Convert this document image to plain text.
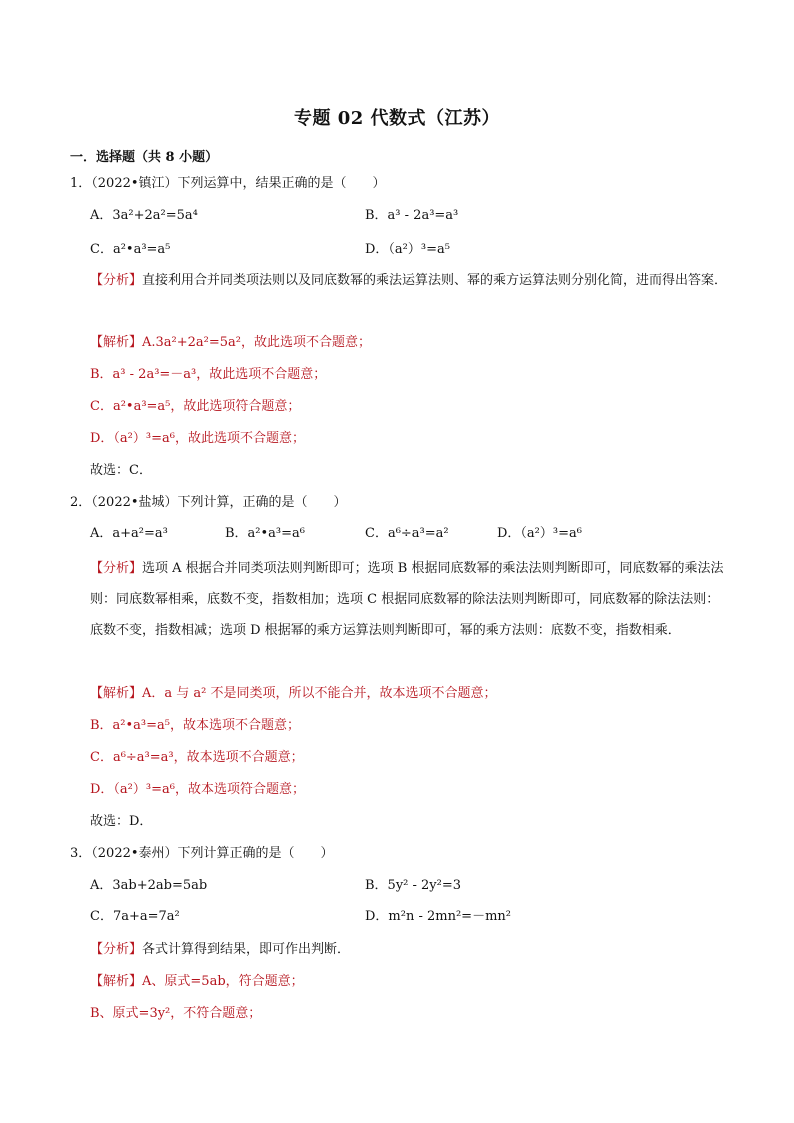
专题 02 代数式（江苏）
一．选择题（共 8 小题）
1．（2022•镇江）下列运算中，结果正确的是（　　）
A．3a²+2a²=5a⁴	B．a³ - 2a³=a³
C．a²•a³=a⁵	D．（a²）³=a⁵
【分析】直接利用合并同类项法则以及同底数幂的乘法运算法则、幂的乘方运算法则分别化简，进而得出答案．
【解析】A.3a²+2a²=5a²，故此选项不合题意；
B．a³ - 2a³=－a³，故此选项不合题意；
C．a²•a³=a⁵，故此选项符合题意；
D．（a²）³=a⁶，故此选项不合题意；
故选：C．
2．（2022•盐城）下列计算，正确的是（　　）
A．a+a²=a³	B．a²•a³=a⁶	C．a⁶÷a³=a²	D．（a²）³=a⁶
【分析】选项 A 根据合并同类项法则判断即可；选项 B 根据同底数幂的乘法法则判断即可，同底数幂的乘法法则：同底数幂相乘，底数不变，指数相加；选项 C 根据同底数幂的除法法则判断即可，同底数幂的除法法则：底数不变，指数相减；选项 D 根据幂的乘方运算法则判断即可，幂的乘方法则：底数不变，指数相乘．
【解析】A．a 与 a² 不是同类项，所以不能合并，故本选项不合题意；
B．a²•a³=a⁵，故本选项不合题意；
C．a⁶÷a³=a³，故本选项不合题意；
D．（a²）³=a⁶，故本选项符合题意；
故选：D．
3．（2022•泰州）下列计算正确的是（　　）
A．3ab+2ab=5ab	B．5y² - 2y²=3
C．7a+a=7a²	D．m²n - 2mn²=－mn²
【分析】各式计算得到结果，即可作出判断．
【解析】A、原式=5ab，符合题意；
B、原式=3y²，不符合题意；
